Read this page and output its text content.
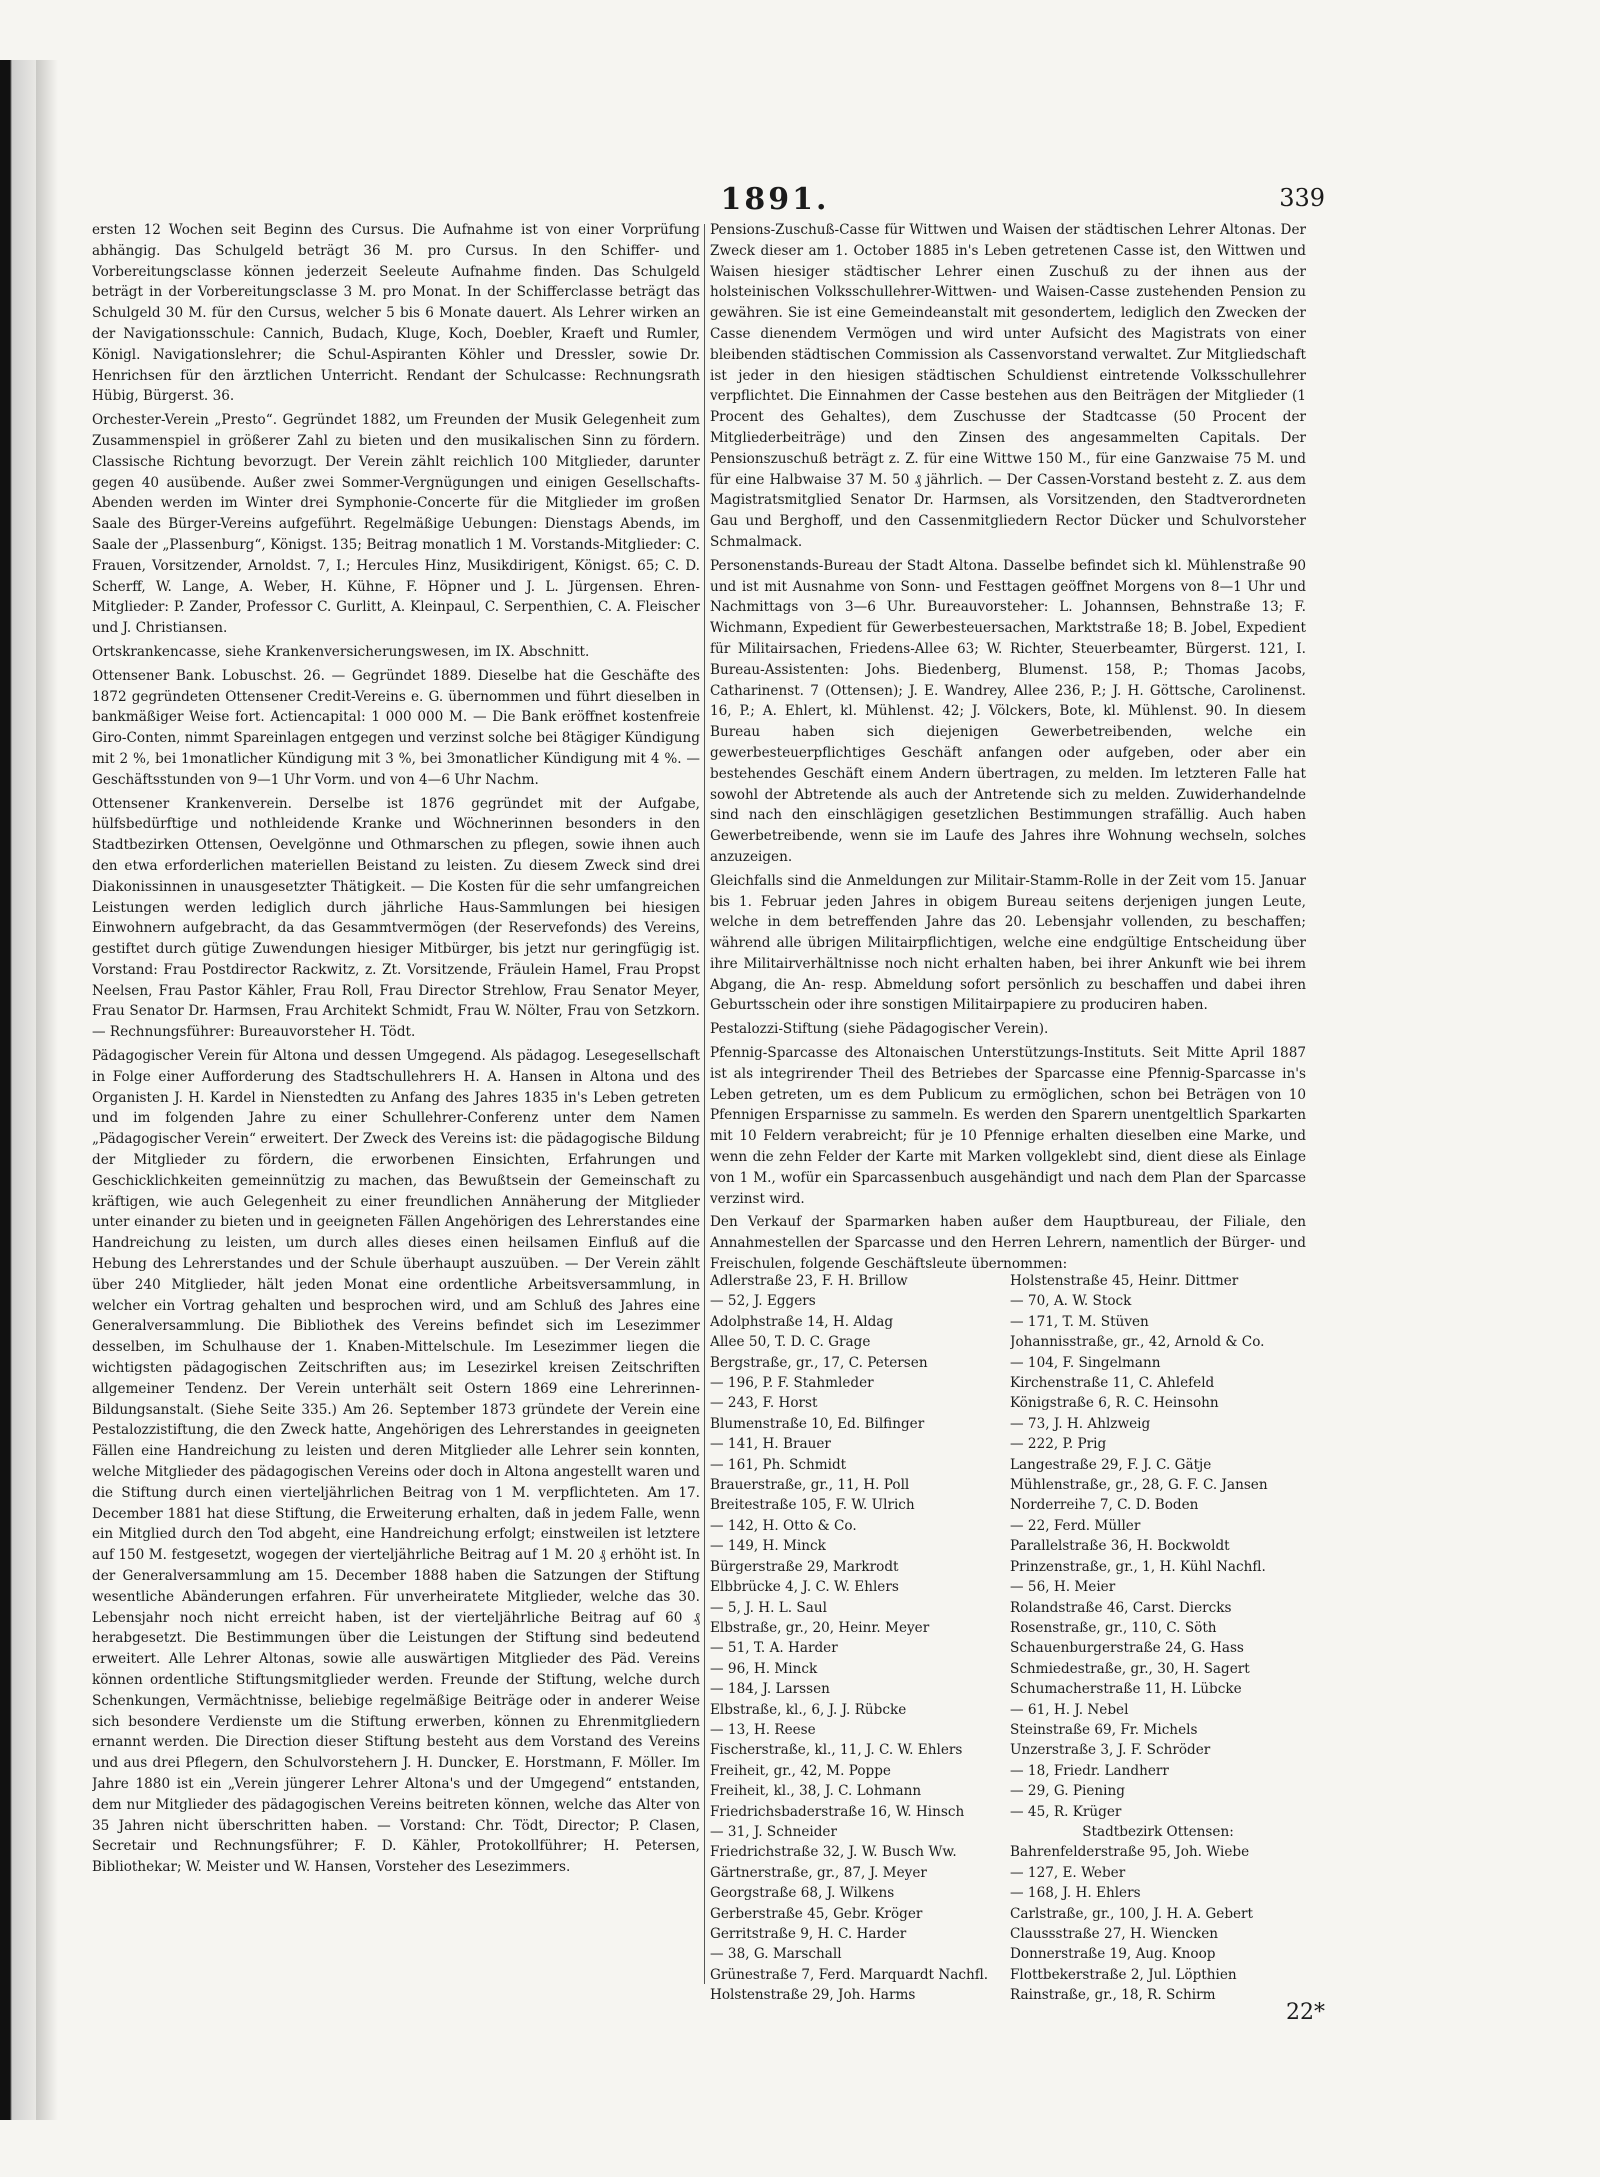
1891.	339

ersten 12 Wochen seit Beginn des Cursus. Die Aufnahme ist von einer Vorprüfung abhängig. Das Schulgeld beträgt 36 M. pro Cursus. In den Schiffer- und Vorbereitungsclasse können jederzeit Seeleute Aufnahme finden. Das Schulgeld beträgt in der Vorbereitungsclasse 3 M. pro Monat. In der Schifferclasse beträgt das Schulgeld 30 M. für den Cursus, welcher 5 bis 6 Monate dauert. Als Lehrer wirken an der Navigationsschule: Cannich, Budach, Kluge, Koch, Doebler, Kraeft und Rumler, Königl. Navigationslehrer; die Schul-Aspiranten Köhler und Dressler, sowie Dr. Henrichsen für den ärztlichen Unterricht. Rendant der Schulcasse: Rechnungsrath Hübig, Bürgerst. 36.

Orchester-Verein „Presto“. Gegründet 1882, um Freunden der Musik Gelegenheit zum Zusammenspiel in größerer Zahl zu bieten und den musikalischen Sinn zu fördern. Classische Richtung bevorzugt. Der Verein zählt reichlich 100 Mitglieder, darunter gegen 40 ausübende. Außer zwei Sommer-Vergnügungen und einigen Gesellschafts-Abenden werden im Winter drei Symphonie-Concerte für die Mitglieder im großen Saale des Bürger-Vereins aufgeführt. Regelmäßige Uebungen: Dienstags Abends, im Saale der „Plassenburg“, Königst. 135; Beitrag monatlich 1 M. Vorstands-Mitglieder: C. Frauen, Vorsitzender, Arnoldst. 7, I.; Hercules Hinz, Musikdirigent, Königst. 65; C. D. Scherff, W. Lange, A. Weber, H. Kühne, F. Höpner und J. L. Jürgensen. Ehren-Mitglieder: P. Zander, Professor C. Gurlitt, A. Kleinpaul, C. Serpenthien, C. A. Fleischer und J. Christiansen.

Ortskrankencasse, siehe Krankenversicherungswesen, im IX. Abschnitt.

Ottensener Bank. Lobuschst. 26. — Gegründet 1889. Dieselbe hat die Geschäfte des 1872 gegründeten Ottensener Credit-Vereins e. G. übernommen und führt dieselben in bankmäßiger Weise fort. Actiencapital: 1 000 000 M. — Die Bank eröffnet kostenfreie Giro-Conten, nimmt Spareinlagen entgegen und verzinst solche bei 8tägiger Kündigung mit 2 %, bei 1monatlicher Kündigung mit 3 %, bei 3monatlicher Kündigung mit 4 %. — Geschäftsstunden von 9—1 Uhr Vorm. und von 4—6 Uhr Nachm.

Ottensener Krankenverein. Derselbe ist 1876 gegründet mit der Aufgabe, hülfsbedürftige und nothleidende Kranke und Wöchnerinnen besonders in den Stadtbezirken Ottensen, Oevelgönne und Othmarschen zu pflegen, sowie ihnen auch den etwa erforderlichen materiellen Beistand zu leisten. Zu diesem Zweck sind drei Diakonissinnen in unausgesetzter Thätigkeit. — Die Kosten für die sehr umfangreichen Leistungen werden lediglich durch jährliche Haus-Sammlungen bei hiesigen Einwohnern aufgebracht, da das Gesammtvermögen (der Reservefonds) des Vereins, gestiftet durch gütige Zuwendungen hiesiger Mitbürger, bis jetzt nur geringfügig ist. Vorstand: Frau Postdirector Rackwitz, z. Zt. Vorsitzende, Fräulein Hamel, Frau Propst Neelsen, Frau Pastor Kähler, Frau Roll, Frau Director Strehlow, Frau Senator Meyer, Frau Senator Dr. Harmsen, Frau Architekt Schmidt, Frau W. Nölter, Frau von Setzkorn. — Rechnungsführer: Bureauvorsteher H. Tödt.

Pädagogischer Verein für Altona und dessen Umgegend. Als pädagog. Lesegesellschaft in Folge einer Aufforderung des Stadtschullehrers H. A. Hansen in Altona und des Organisten J. H. Kardel in Nienstedten zu Anfang des Jahres 1835 in's Leben getreten und im folgenden Jahre zu einer Schullehrer-Conferenz unter dem Namen „Pädagogischer Verein“ erweitert. Der Zweck des Vereins ist: die pädagogische Bildung der Mitglieder zu fördern, die erworbenen Einsichten, Erfahrungen und Geschicklichkeiten gemeinnützig zu machen, das Bewußtsein der Gemeinschaft zu kräftigen, wie auch Gelegenheit zu einer freundlichen Annäherung der Mitglieder unter einander zu bieten und in geeigneten Fällen Angehörigen des Lehrerstandes eine Handreichung zu leisten, um durch alles dieses einen heilsamen Einfluß auf die Hebung des Lehrerstandes und der Schule überhaupt auszuüben. — Der Verein zählt über 240 Mitglieder, hält jeden Monat eine ordentliche Arbeitsversammlung, in welcher ein Vortrag gehalten und besprochen wird, und am Schluß des Jahres eine Generalversammlung. Die Bibliothek des Vereins befindet sich im Lesezimmer desselben, im Schulhause der 1. Knaben-Mittelschule. Im Lesezimmer liegen die wichtigsten pädagogischen Zeitschriften aus; im Lesezirkel kreisen Zeitschriften allgemeiner Tendenz. Der Verein unterhält seit Ostern 1869 eine Lehrerinnen-Bildungsanstalt. (Siehe Seite 335.) Am 26. September 1873 gründete der Verein eine Pestalozzistiftung, die den Zweck hatte, Angehörigen des Lehrerstandes in geeigneten Fällen eine Handreichung zu leisten und deren Mitglieder alle Lehrer sein konnten, welche Mitglieder des pädagogischen Vereins oder doch in Altona angestellt waren und die Stiftung durch einen vierteljährlichen Beitrag von 1 M. verpflichteten. Am 17. December 1881 hat diese Stiftung, die Erweiterung erhalten, daß in jedem Falle, wenn ein Mitglied durch den Tod abgeht, eine Handreichung erfolgt; einstweilen ist letztere auf 150 M. festgesetzt, wogegen der vierteljährliche Beitrag auf 1 M. 20 ₰ erhöht ist. In der Generalversammlung am 15. December 1888 haben die Satzungen der Stiftung wesentliche Abänderungen erfahren. Für unverheiratete Mitglieder, welche das 30. Lebensjahr noch nicht erreicht haben, ist der vierteljährliche Beitrag auf 60 ₰ herabgesetzt. Die Bestimmungen über die Leistungen der Stiftung sind bedeutend erweitert. Alle Lehrer Altonas, sowie alle auswärtigen Mitglieder des Päd. Vereins können ordentliche Stiftungsmitglieder werden. Freunde der Stiftung, welche durch Schenkungen, Vermächtnisse, beliebige regelmäßige Beiträge oder in anderer Weise sich besondere Verdienste um die Stiftung erwerben, können zu Ehrenmitgliedern ernannt werden. Die Direction dieser Stiftung besteht aus dem Vorstand des Vereins und aus drei Pflegern, den Schulvorstehern J. H. Duncker, E. Horstmann, F. Möller. Im Jahre 1880 ist ein „Verein jüngerer Lehrer Altona's und der Umgegend“ entstanden, dem nur Mitglieder des pädagogischen Vereins beitreten können, welche das Alter von 35 Jahren nicht überschritten haben. — Vorstand: Chr. Tödt, Director; P. Clasen, Secretair und Rechnungsführer; F. D. Kähler, Protokollführer; H. Petersen, Bibliothekar; W. Meister und W. Hansen, Vorsteher des Lesezimmers.

Pensions-Zuschuß-Casse für Wittwen und Waisen der städtischen Lehrer Altonas. Der Zweck dieser am 1. October 1885 in's Leben getretenen Casse ist, den Wittwen und Waisen hiesiger städtischer Lehrer einen Zuschuß zu der ihnen aus der holsteinischen Volksschullehrer-Wittwen- und Waisen-Casse zustehenden Pension zu gewähren. Sie ist eine Gemeindeanstalt mit gesondertem, lediglich den Zwecken der Casse dienendem Vermögen und wird unter Aufsicht des Magistrats von einer bleibenden städtischen Commission als Cassenvorstand verwaltet. Zur Mitgliedschaft ist jeder in den hiesigen städtischen Schuldienst eintretende Volksschullehrer verpflichtet. Die Einnahmen der Casse bestehen aus den Beiträgen der Mitglieder (1 Procent des Gehaltes), dem Zuschusse der Stadtcasse (50 Procent der Mitgliederbeiträge) und den Zinsen des angesammelten Capitals. Der Pensionszuschuß beträgt z. Z. für eine Wittwe 150 M., für eine Ganzwaise 75 M. und für eine Halbwaise 37 M. 50 ₰ jährlich. — Der Cassen-Vorstand besteht z. Z. aus dem Magistratsmitglied Senator Dr. Harmsen, als Vorsitzenden, den Stadtverordneten Gau und Berghoff, und den Cassenmitgliedern Rector Dücker und Schulvorsteher Schmalmack.

Personenstands-Bureau der Stadt Altona. Dasselbe befindet sich kl. Mühlenstraße 90 und ist mit Ausnahme von Sonn- und Festtagen geöffnet Morgens von 8—1 Uhr und Nachmittags von 3—6 Uhr. Bureauvorsteher: L. Johannsen, Behnstraße 13; F. Wichmann, Expedient für Gewerbesteuersachen, Marktstraße 18; B. Jobel, Expedient für Militairsachen, Friedens-Allee 63; W. Richter, Steuerbeamter, Bürgerst. 121, I. Bureau-Assistenten: Johs. Biedenberg, Blumenst. 158, P.; Thomas Jacobs, Catharinenst. 7 (Ottensen); J. E. Wandrey, Allee 236, P.; J. H. Göttsche, Carolinenst. 16, P.; A. Ehlert, kl. Mühlenst. 42; J. Völckers, Bote, kl. Mühlenst. 90. In diesem Bureau haben sich diejenigen Gewerbetreibenden, welche ein gewerbesteuerpflichtiges Geschäft anfangen oder aufgeben, oder aber ein bestehendes Geschäft einem Andern übertragen, zu melden. Im letzteren Falle hat sowohl der Abtretende als auch der Antretende sich zu melden. Zuwiderhandelnde sind nach den einschlägigen gesetzlichen Bestimmungen strafällig. Auch haben Gewerbetreibende, wenn sie im Laufe des Jahres ihre Wohnung wechseln, solches anzuzeigen.

Gleichfalls sind die Anmeldungen zur Militair-Stamm-Rolle in der Zeit vom 15. Januar bis 1. Februar jeden Jahres in obigem Bureau seitens derjenigen jungen Leute, welche in dem betreffenden Jahre das 20. Lebensjahr vollenden, zu beschaffen; während alle übrigen Militairpflichtigen, welche eine endgültige Entscheidung über ihre Militairverhältnisse noch nicht erhalten haben, bei ihrer Ankunft wie bei ihrem Abgang, die An- resp. Abmeldung sofort persönlich zu beschaffen und dabei ihren Geburtsschein oder ihre sonstigen Militairpapiere zu produciren haben.

Pestalozzi-Stiftung (siehe Pädagogischer Verein).

Pfennig-Sparcasse des Altonaischen Unterstützungs-Instituts. Seit Mitte April 1887 ist als integrirender Theil des Betriebes der Sparcasse eine Pfennig-Sparcasse in's Leben getreten, um es dem Publicum zu ermöglichen, schon bei Beträgen von 10 Pfennigen Ersparnisse zu sammeln. Es werden den Sparern unentgeltlich Sparkarten mit 10 Feldern verabreicht; für je 10 Pfennige erhalten dieselben eine Marke, und wenn die zehn Felder der Karte mit Marken vollgeklebt sind, dient diese als Einlage von 1 M., wofür ein Sparcassenbuch ausgehändigt und nach dem Plan der Sparcasse verzinst wird.

Den Verkauf der Sparmarken haben außer dem Hauptbureau, der Filiale, den Annahmestellen der Sparcasse und den Herren Lehrern, namentlich der Bürger- und Freischulen, folgende Geschäftsleute übernommen:

Adlerstraße 23, F. H. Brillow
— 52, J. Eggers
Adolphstraße 14, H. Aldag
Allee 50, T. D. C. Grage
Bergstraße, gr., 17, C. Petersen
— 196, P. F. Stahmleder
— 243, F. Horst
Blumenstraße 10, Ed. Bilfinger
— 141, H. Brauer
— 161, Ph. Schmidt
Brauerstraße, gr., 11, H. Poll
Breitestraße 105, F. W. Ulrich
— 142, H. Otto & Co.
— 149, H. Minck
Bürgerstraße 29, Markrodt
Elbbrücke 4, J. C. W. Ehlers
— 5, J. H. L. Saul
Elbstraße, gr., 20, Heinr. Meyer
— 51, T. A. Harder
— 96, H. Minck
— 184, J. Larssen
Elbstraße, kl., 6, J. J. Rübcke
— 13, H. Reese
Fischerstraße, kl., 11, J. C. W. Ehlers
Freiheit, gr., 42, M. Poppe
Freiheit, kl., 38, J. C. Lohmann
Friedrichsbaderstraße 16, W. Hinsch
— 31, J. Schneider
Friedrichstraße 32, J. W. Busch Ww.
Gärtnerstraße, gr., 87, J. Meyer
Georgstraße 68, J. Wilkens
Gerberstraße 45, Gebr. Kröger
Gerritstraße 9, H. C. Harder
— 38, G. Marschall
Grünestraße 7, Ferd. Marquardt Nachfl.
Holstenstraße 29, Joh. Harms
Holstenstraße 45, Heinr. Dittmer
— 70, A. W. Stock
— 171, T. M. Stüven
Johannisstraße, gr., 42, Arnold & Co.
— 104, F. Singelmann
Kirchenstraße 11, C. Ahlefeld
Königstraße 6, R. C. Heinsohn
— 73, J. H. Ahlzweig
— 222, P. Prig
Langestraße 29, F. J. C. Gätje
Mühlenstraße, gr., 28, G. F. C. Jansen
Norderreihe 7, C. D. Boden
— 22, Ferd. Müller
Parallelstraße 36, H. Bockwoldt
Prinzenstraße, gr., 1, H. Kühl Nachfl.
— 56, H. Meier
Rolandstraße 46, Carst. Diercks
Rosenstraße, gr., 110, C. Söth
Schauenburgerstraße 24, G. Hass
Schmiedestraße, gr., 30, H. Sagert
Schumacherstraße 11, H. Lübcke
— 61, H. J. Nebel
Steinstraße 69, Fr. Michels
Unzerstraße 3, J. F. Schröder
— 18, Friedr. Landherr
— 29, G. Piening
— 45, R. Krüger
Stadtbezirk Ottensen:
Bahrenfelderstraße 95, Joh. Wiebe
— 127, E. Weber
— 168, J. H. Ehlers
Carlstraße, gr., 100, J. H. A. Gebert
Claussstraße 27, H. Wiencken
Donnerstraße 19, Aug. Knoop
Flottbekerstraße 2, Jul. Löpthien
Rainstraße, gr., 18, R. Schirm
22*
